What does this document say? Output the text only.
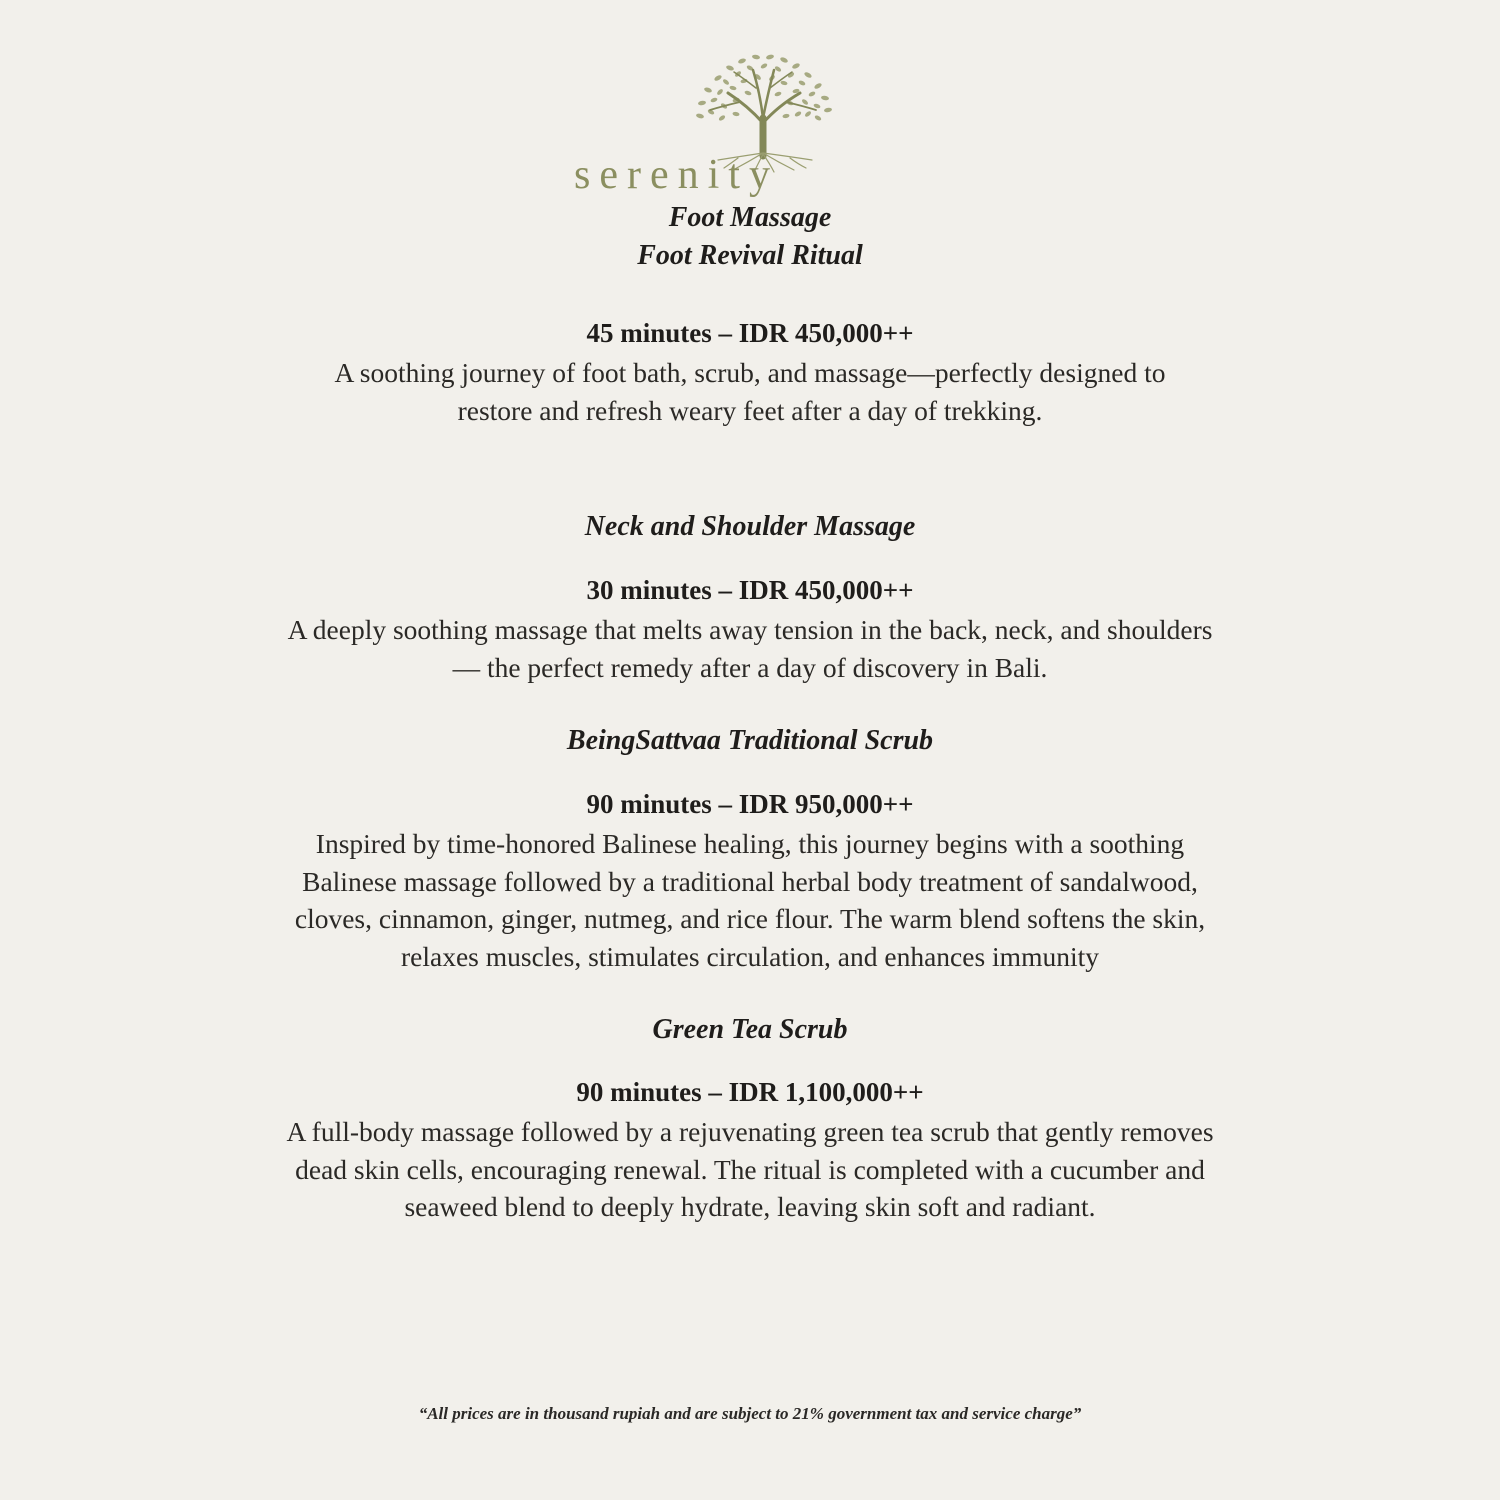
serenity
Foot Massage
Foot Revival Ritual
45 minutes – IDR 450,000++
A soothing journey of foot bath, scrub, and massage—perfectly designed to
restore and refresh weary feet after a day of trekking.
Neck and Shoulder Massage
30 minutes – IDR 450,000++
A deeply soothing massage that melts away tension in the back, neck, and shoulders
— the perfect remedy after a day of discovery in Bali.
BeingSattvaa Traditional Scrub
90 minutes – IDR 950,000++
Inspired by time-honored Balinese healing, this journey begins with a soothing
Balinese massage followed by a traditional herbal body treatment of sandalwood,
cloves, cinnamon, ginger, nutmeg, and rice flour. The warm blend softens the skin,
relaxes muscles, stimulates circulation, and enhances immunity
Green Tea Scrub
90 minutes – IDR 1,100,000++
A full-body massage followed by a rejuvenating green tea scrub that gently removes
dead skin cells, encouraging renewal. The ritual is completed with a cucumber and
seaweed blend to deeply hydrate, leaving skin soft and radiant.
“All prices are in thousand rupiah and are subject to 21% government tax and service charge”
